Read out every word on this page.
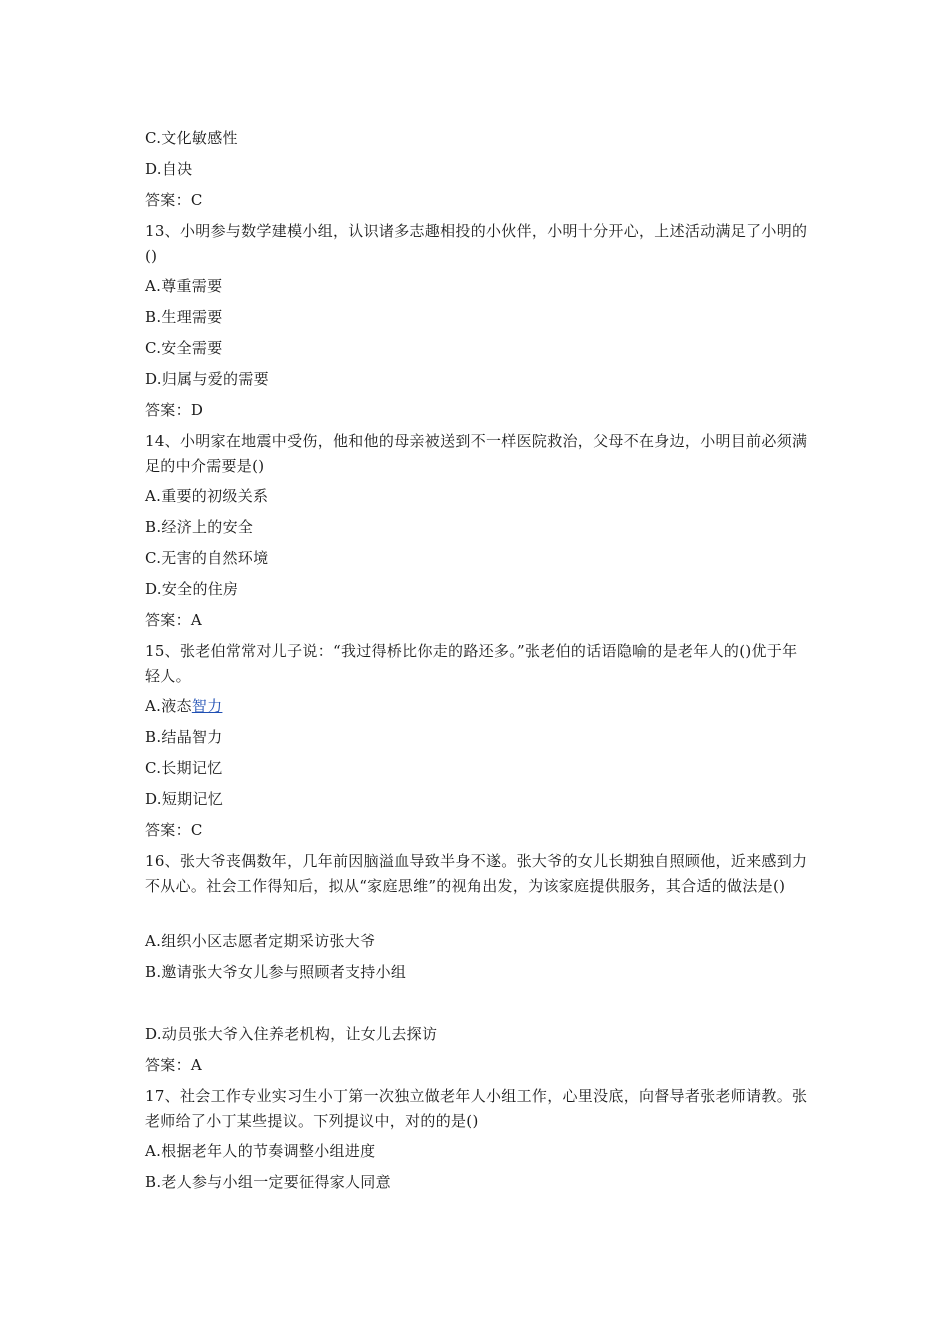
C.文化敏感性
D.自决
答案：C
13、小明参与数学建模小组，认识诸多志趣相投的小伙伴，小明十分开心，上述活动满足了小明的()
A.尊重需要
B.生理需要
C.安全需要
D.归属与爱的需要
答案：D
14、小明家在地震中受伤，他和他的母亲被送到不一样医院救治，父母不在身边，小明目前必须满足的中介需要是()
A.重要的初级关系
B.经济上的安全
C.无害的自然环境
D.安全的住房
答案：A
15、张老伯常常对儿子说：“我过得桥比你走的路还多。”张老伯的话语隐喻的是老年人的()优于年轻人。
A.液态智力
B.结晶智力
C.长期记忆
D.短期记忆
答案：C
16、张大爷丧偶数年，几年前因脑溢血导致半身不遂。张大爷的女儿长期独自照顾他，近来感到力不从心。社会工作得知后，拟从“家庭思维”的视角出发，为该家庭提供服务，其合适的做法是()
A.组织小区志愿者定期采访张大爷
B.邀请张大爷女儿参与照顾者支持小组
D.动员张大爷入住养老机构，让女儿去探访
答案：A
17、社会工作专业实习生小丁第一次独立做老年人小组工作，心里没底，向督导者张老师请教。张老师给了小丁某些提议。下列提议中，对的的是()
A.根据老年人的节奏调整小组进度
B.老人参与小组一定要征得家人同意
